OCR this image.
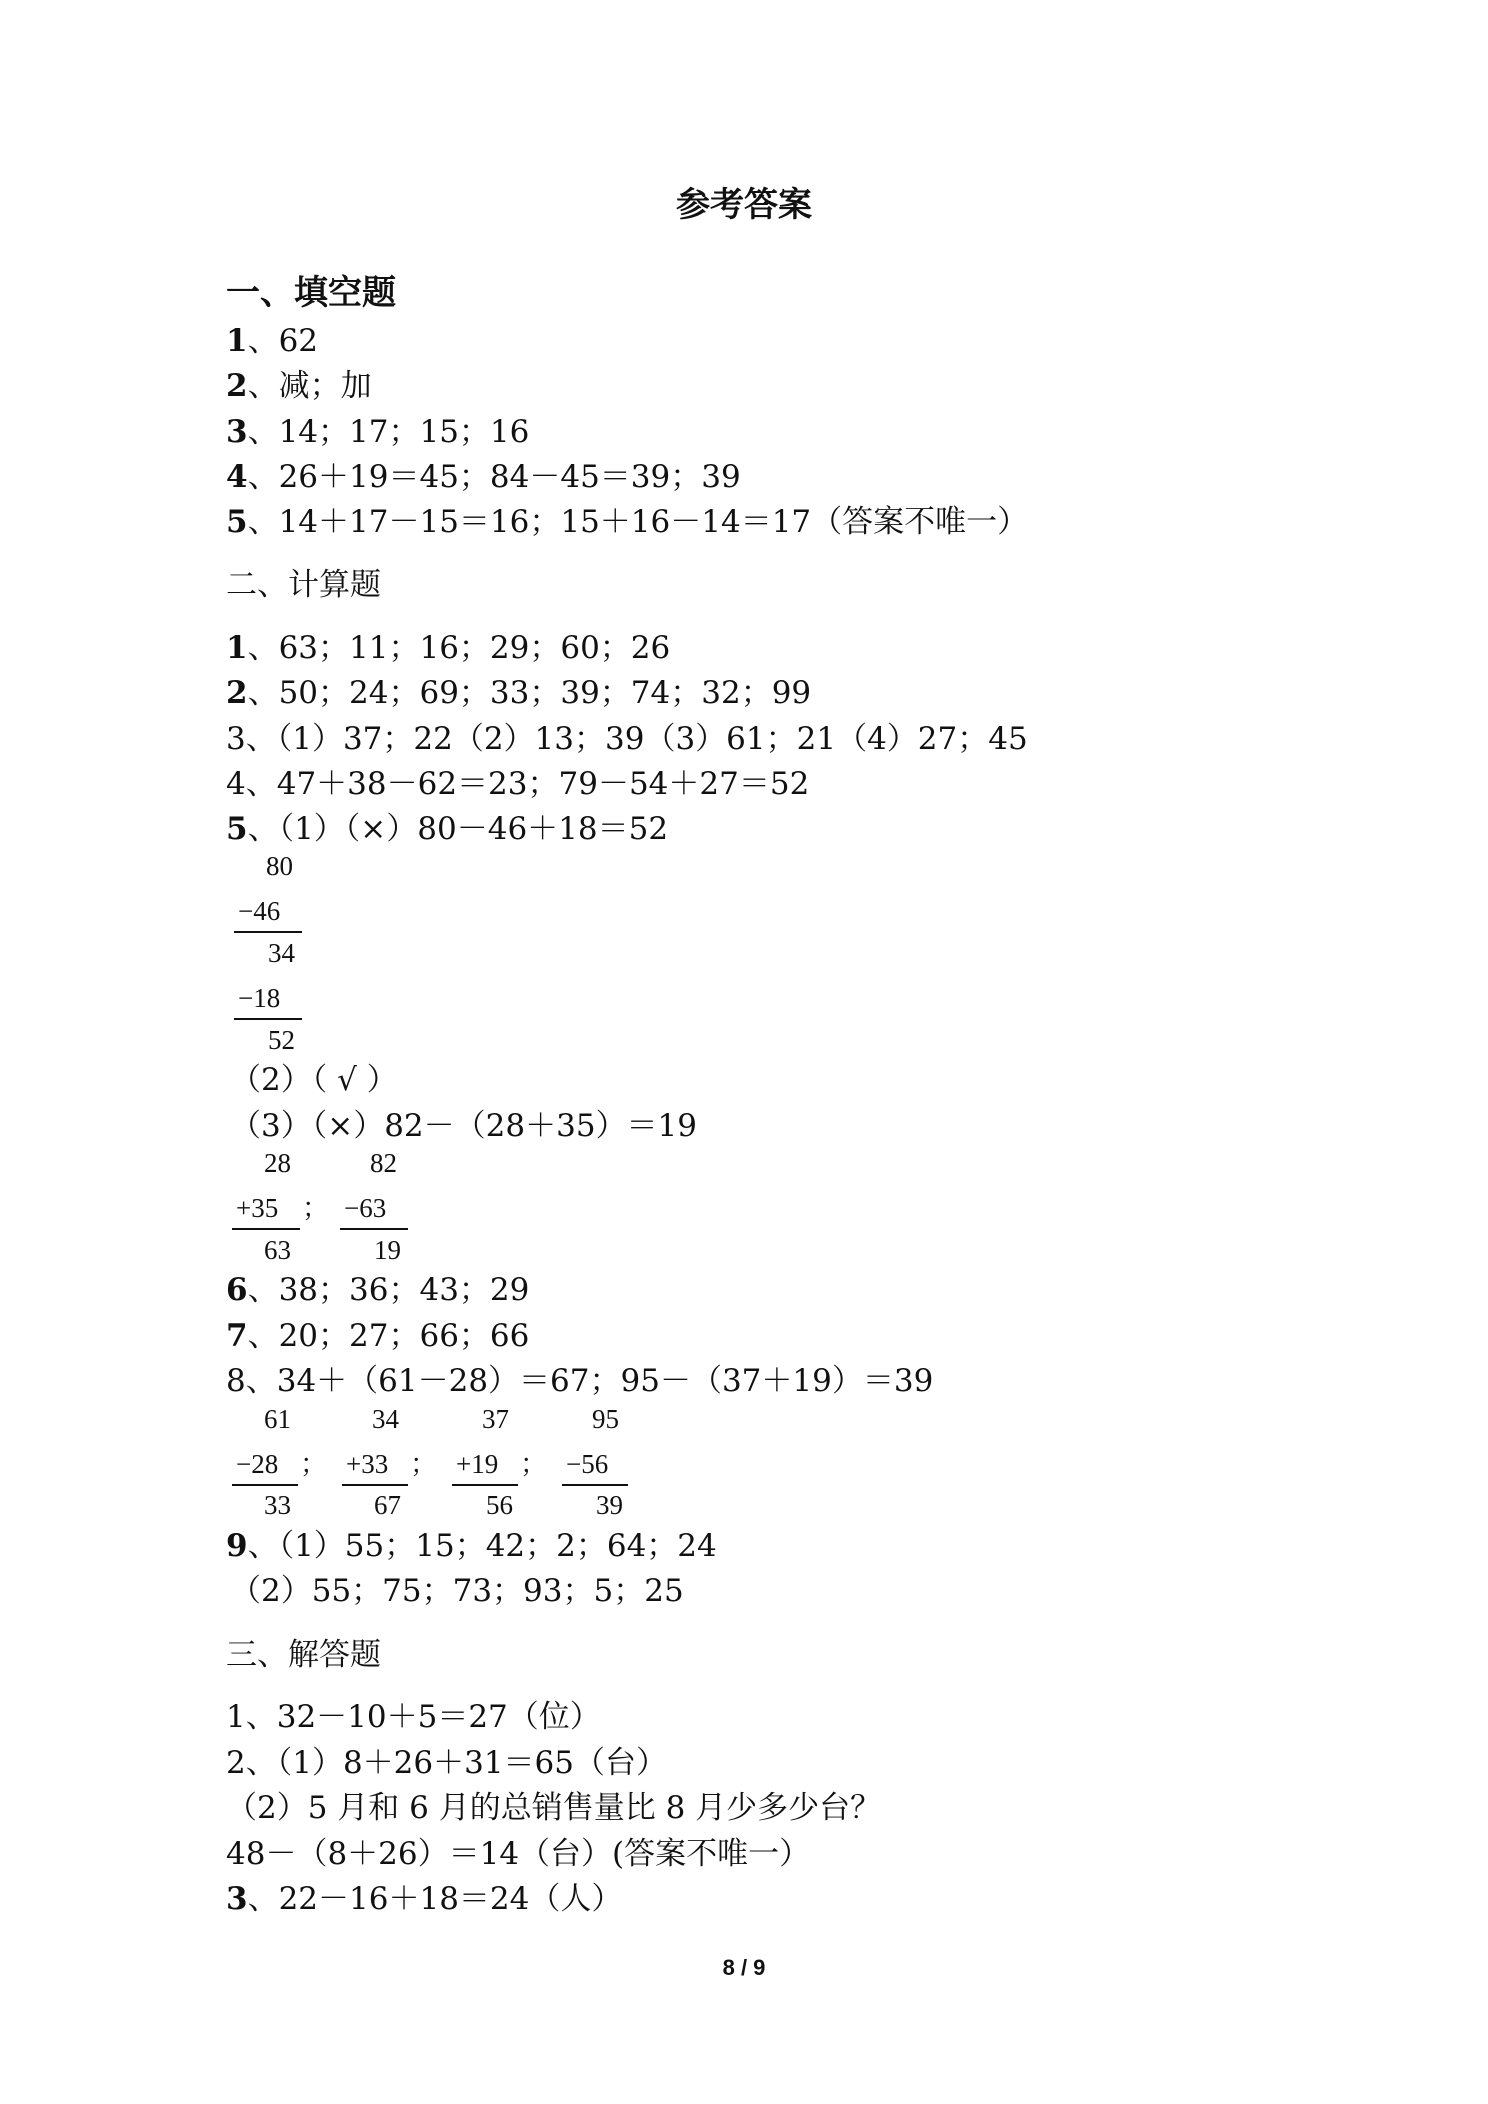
参考答案
一、填空题
1、62
2、减；加
3、14；17；15；16
4、26＋19＝45；84－45＝39；39
5、14＋17－15＝16；15＋16－14＝17（答案不唯一）
二、计算题
1、63；11；16；29；60；26
2、50；24；69；33；39；74；32；99
3、（1）37；22（2）13；39（3）61；21（4）27；45
4、47＋38－62＝23；79－54＋27＝52
5、（1）（×）80－46＋18＝52
80
−46
34
−18
52
（2）（ √ ）
（3）（×）82－（28＋35）＝19
28
+35
63
；
82
−63
19
6、38；36；43；29
7、20；27；66；66
8、34＋（61－28）＝67；95－（37＋19）＝39
61
−28
33
；
34
+33
67
；
37
+19
56
；
95
−56
39
9、（1）55；15；42；2；64；24
（2）55；75；73；93；5；25
三、解答题
1、32－10＋5＝27（位）
2、（1）8＋26＋31＝65（台）
（2）5 月和 6 月的总销售量比 8 月少多少台？
48－（8＋26）＝14（台）(答案不唯一）
3、22－16＋18＝24（人）
8 / 9
